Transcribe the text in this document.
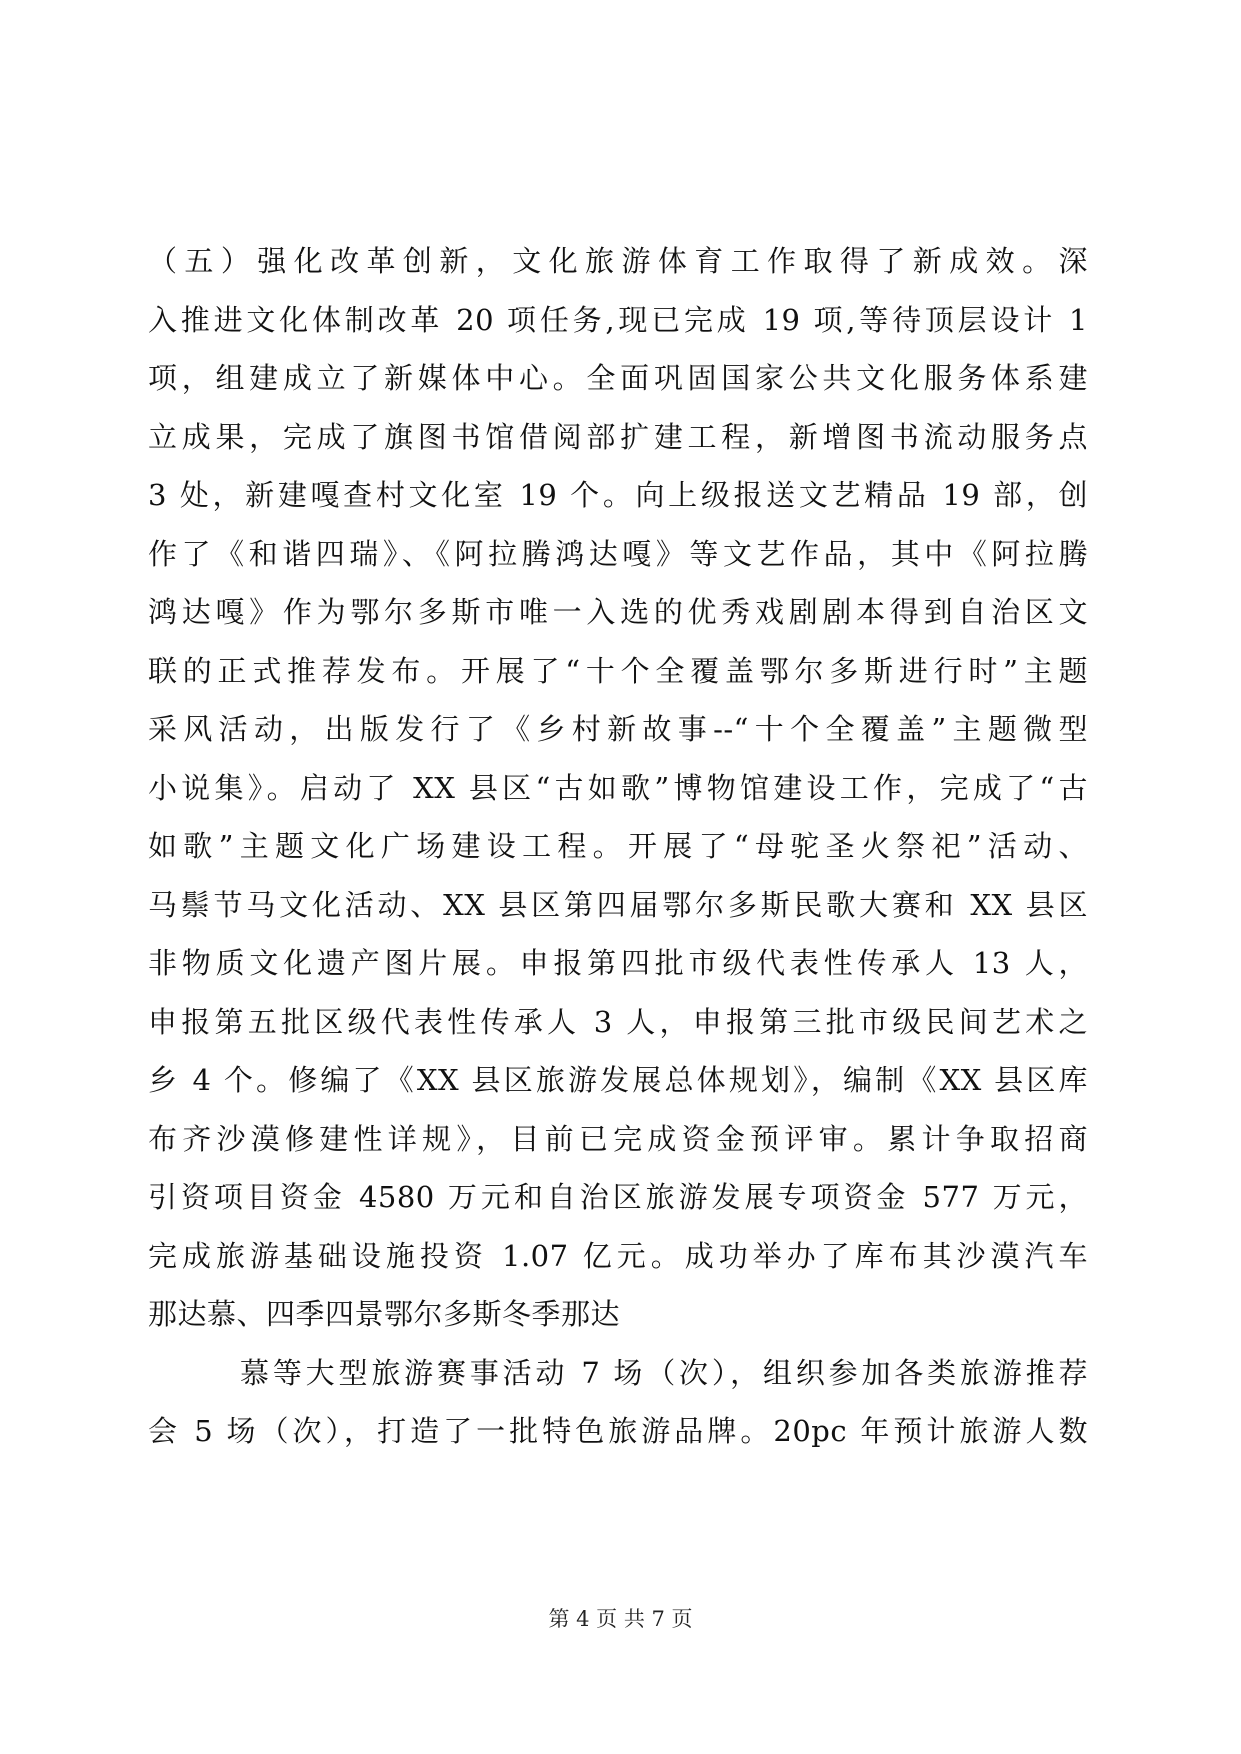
（五）强化改革创新，文化旅游体育工作取得了新成效。深
入推进文化体制改革 20 项任务,现已完成 19 项,等待顶层设计 1
项，组建成立了新媒体中心。全面巩固国家公共文化服务体系建
立成果，完成了旗图书馆借阅部扩建工程，新增图书流动服务点
3 处，新建嘎查村文化室 19 个。向上级报送文艺精品 19 部，创
作了《和谐四瑞》、《阿拉腾鸿达嘎》等文艺作品，其中《阿拉腾
鸿达嘎》作为鄂尔多斯市唯一入选的优秀戏剧剧本得到自治区文
联的正式推荐发布。开展了“十个全覆盖鄂尔多斯进行时”主题
采风活动，出版发行了《乡村新故事--“十个全覆盖”主题微型
小说集》。启动了 XX 县区“古如歌”博物馆建设工作，完成了“古
如歌”主题文化广场建设工程。开展了“母驼圣火祭祀”活动、
马鬃节马文化活动、XX 县区第四届鄂尔多斯民歌大赛和 XX 县区
非物质文化遗产图片展。申报第四批市级代表性传承人 13 人，
申报第五批区级代表性传承人 3 人，申报第三批市级民间艺术之
乡 4 个。修编了《XX 县区旅游发展总体规划》，编制《XX 县区库
布齐沙漠修建性详规》，目前已完成资金预评审。累计争取招商
引资项目资金 4580 万元和自治区旅游发展专项资金 577 万元，
完成旅游基础设施投资 1.07 亿元。成功举办了库布其沙漠汽车
那达慕、四季四景鄂尔多斯冬季那达
慕等大型旅游赛事活动 7 场（次），组织参加各类旅游推荐
会 5 场（次），打造了一批特色旅游品牌。20pc 年预计旅游人数
第 4 页 共 7 页
